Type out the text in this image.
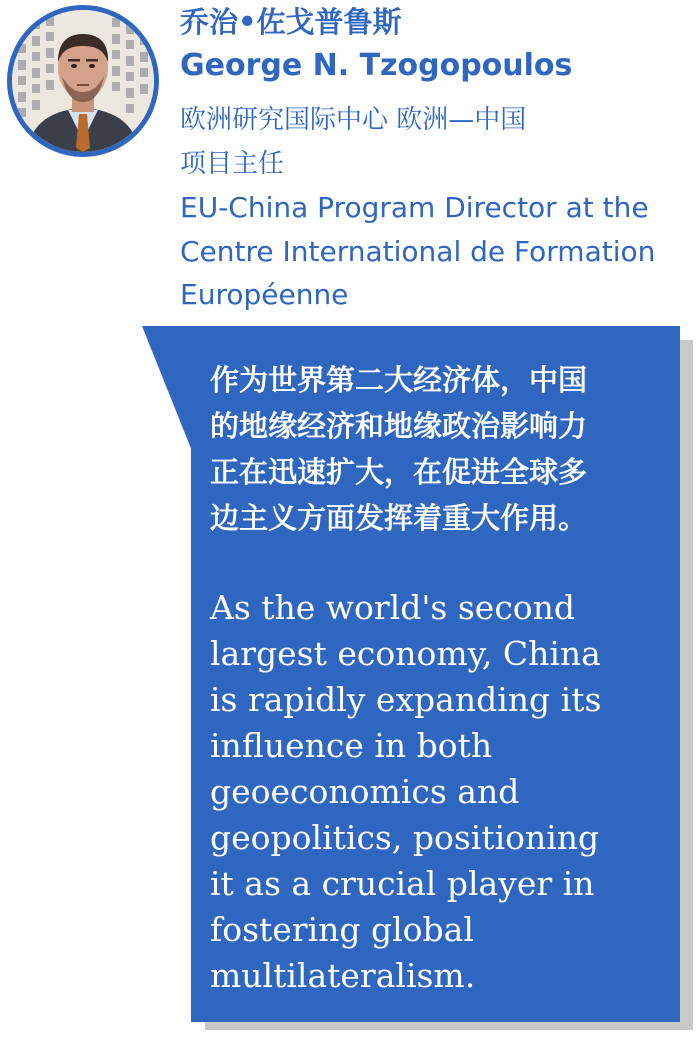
乔治•佐戈普鲁斯
George N. Tzogopoulos
欧洲研究国际中心 欧洲—中国
项目主任
EU-China Program Director at the
Centre International de Formation
Européenne
作为世界第二大经济体，中国
的地缘经济和地缘政治影响力
正在迅速扩大，在促进全球多
边主义方面发挥着重大作用。
As the world's second
largest economy, China
is rapidly expanding its
influence in both
geoeconomics and
geopolitics, positioning
it as a crucial player in
fostering global
multilateralism.
